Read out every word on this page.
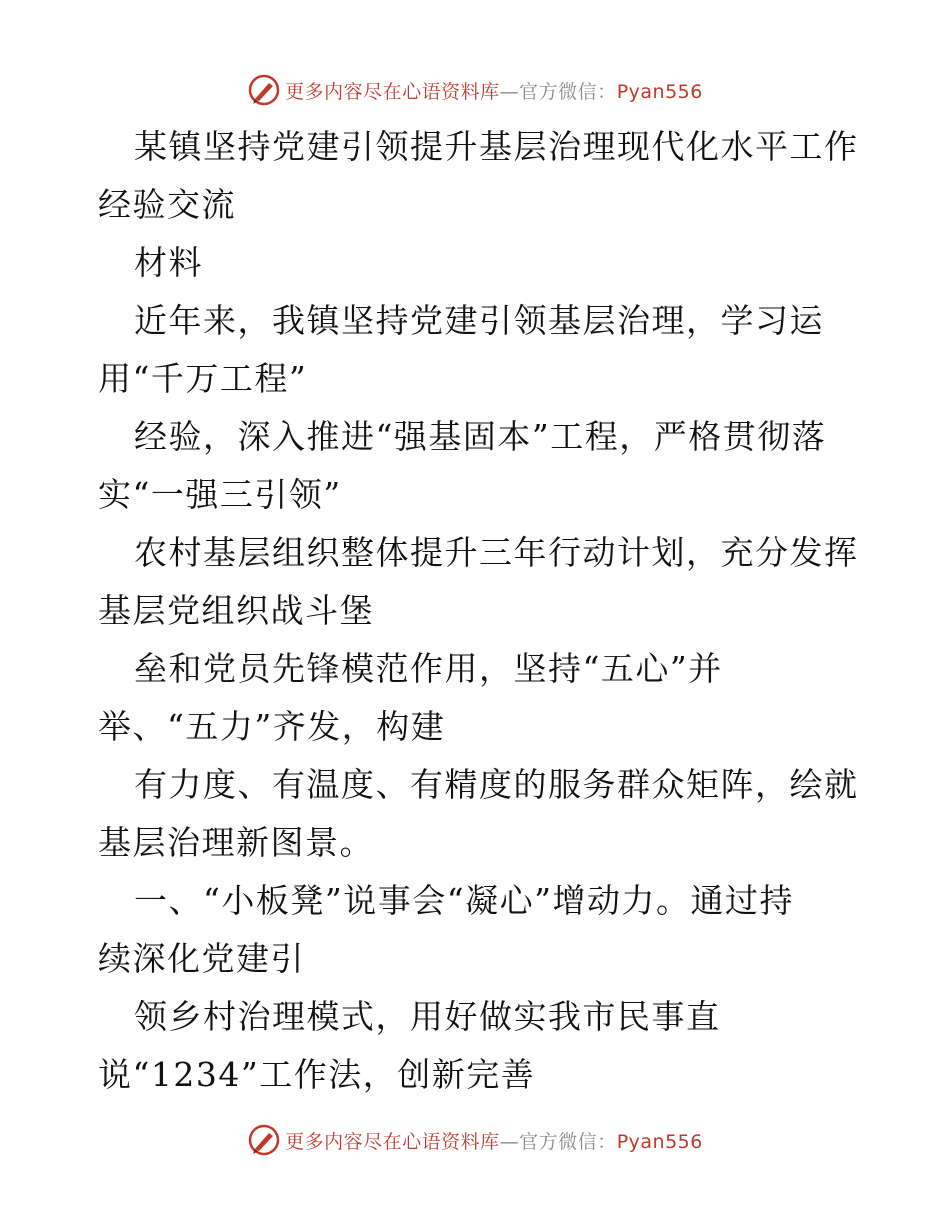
更多内容尽在心语资料库—官方微信：Pyan556
某镇坚持党建引领提升基层治理现代化水平工作
经验交流
材料
近年来，我镇坚持党建引领基层治理，学习运
用“千万工程”
经验，深入推进“强基固本”工程，严格贯彻落
实“一强三引领”
农村基层组织整体提升三年行动计划，充分发挥
基层党组织战斗堡
垒和党员先锋模范作用，坚持“五心”并
举、“五力”齐发，构建
有力度、有温度、有精度的服务群众矩阵，绘就
基层治理新图景。
一、“小板凳”说事会“凝心”增动力。通过持
续深化党建引
领乡村治理模式，用好做实我市民事直
说“1234”工作法，创新完善
更多内容尽在心语资料库—官方微信：Pyan556
